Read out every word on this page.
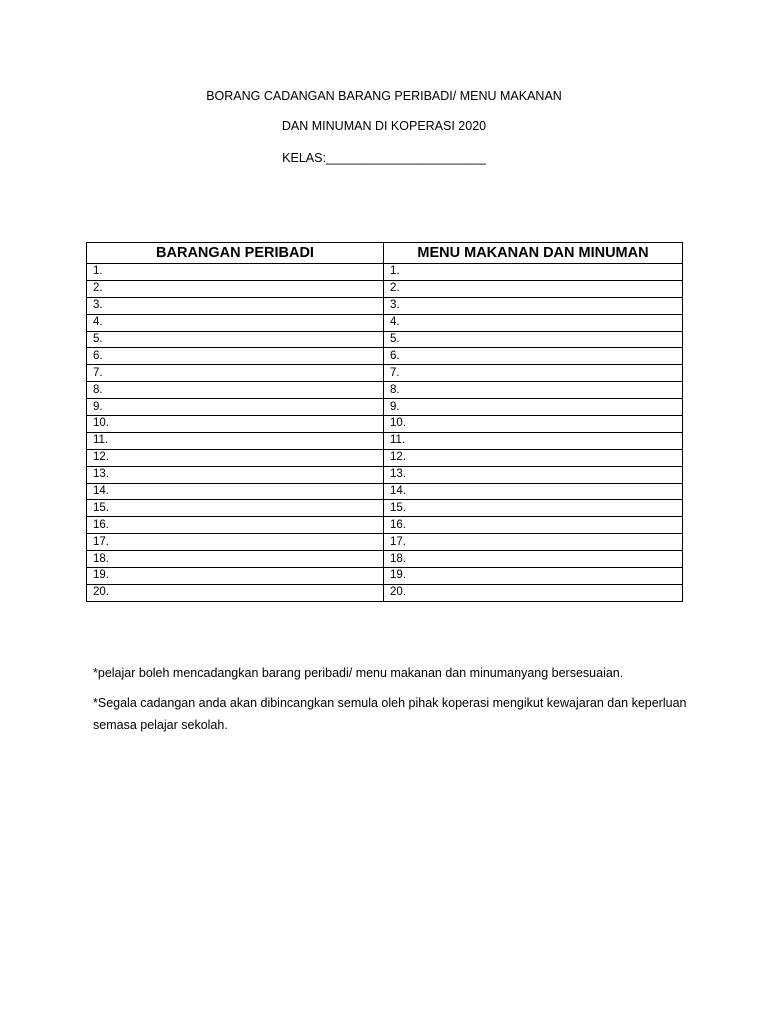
BORANG CADANGAN BARANG PERIBADI/ MENU MAKANAN
DAN MINUMAN DI KOPERASI 2020
KELAS:_______________________
BARANGAN PERIBADI	MENU MAKANAN DAN MINUMAN
1.	1.
2.	2.
3.	3.
4.	4.
5.	5.
6.	6.
7.	7.
8.	8.
9.	9.
10.	10.
11.	11.
12.	12.
13.	13.
14.	14.
15.	15.
16.	16.
17.	17.
18.	18.
19.	19.
20.	20.
*pelajar boleh mencadangkan barang peribadi/ menu makanan dan minumanyang bersesuaian.
*Segala cadangan anda akan dibincangkan semula oleh pihak koperasi mengikut kewajaran dan keperluan semasa pelajar sekolah.
